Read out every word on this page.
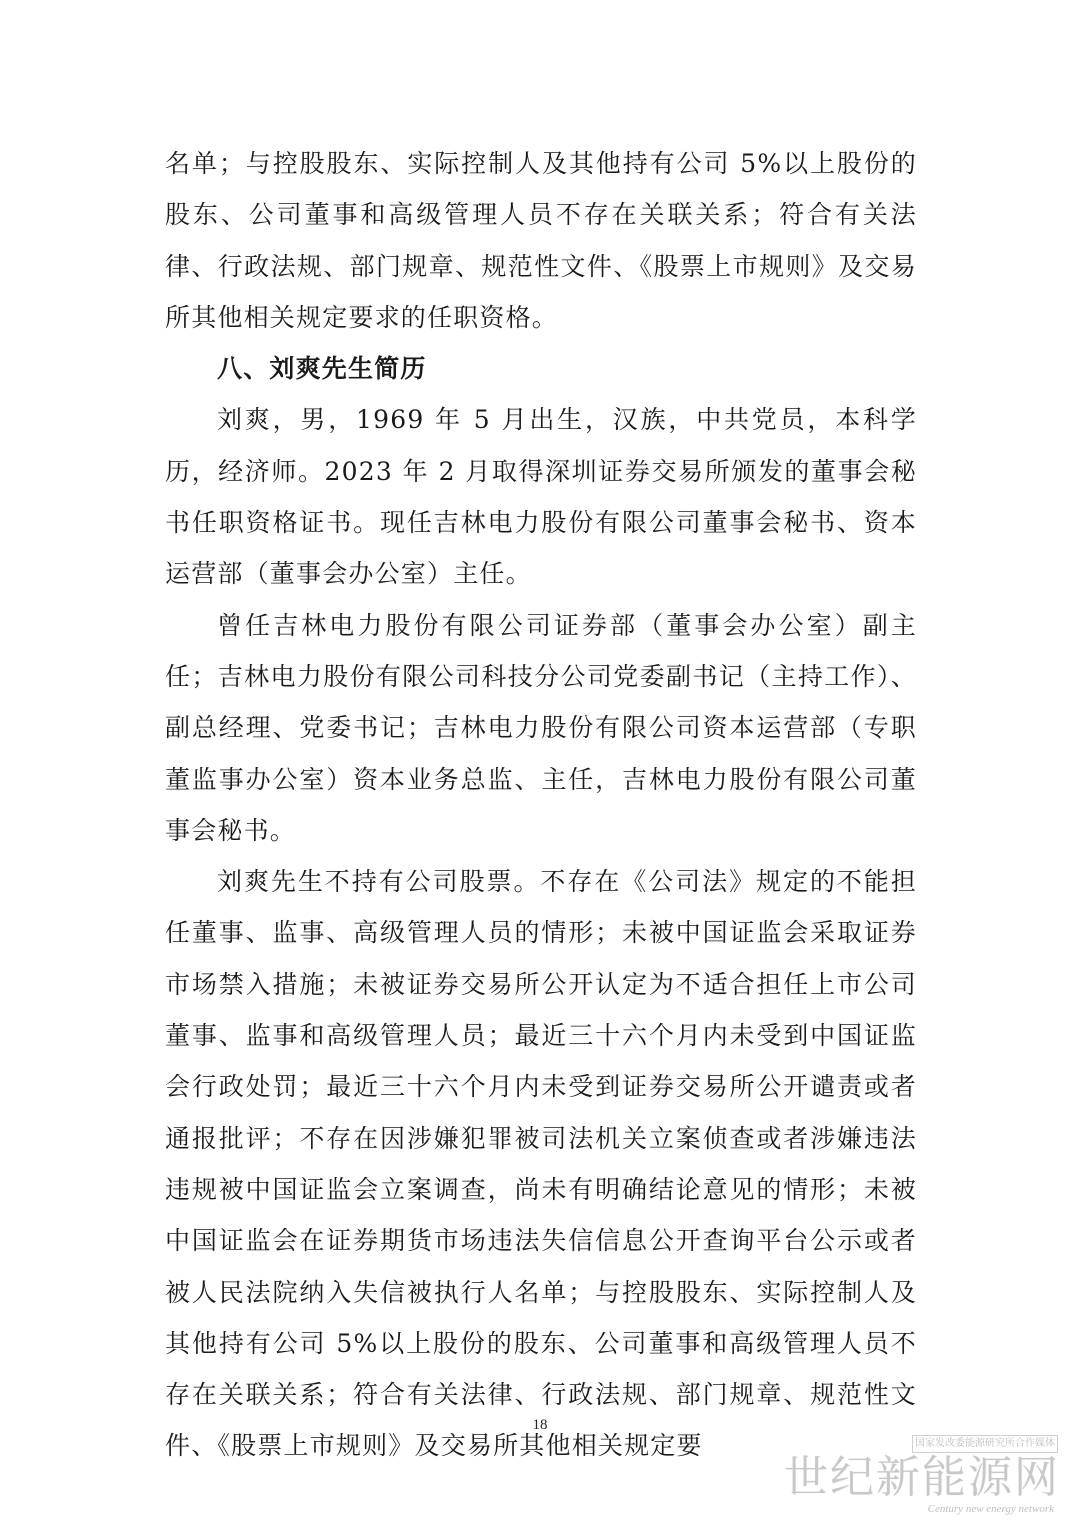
名单；与控股股东、实际控制人及其他持有公司 5%以上股份的股东、公司董事和高级管理人员不存在关联关系；符合有关法律、行政法规、部门规章、规范性文件、《股票上市规则》及交易所其他相关规定要求的任职资格。

八、刘爽先生简历

刘爽，男，1969 年 5 月出生，汉族，中共党员，本科学历，经济师。2023 年 2 月取得深圳证券交易所颁发的董事会秘书任职资格证书。现任吉林电力股份有限公司董事会秘书、资本运营部（董事会办公室）主任。

曾任吉林电力股份有限公司证券部（董事会办公室）副主任；吉林电力股份有限公司科技分公司党委副书记（主持工作）、副总经理、党委书记；吉林电力股份有限公司资本运营部（专职董监事办公室）资本业务总监、主任，吉林电力股份有限公司董事会秘书。

刘爽先生不持有公司股票。不存在《公司法》规定的不能担任董事、监事、高级管理人员的情形；未被中国证监会采取证券市场禁入措施；未被证券交易所公开认定为不适合担任上市公司董事、监事和高级管理人员；最近三十六个月内未受到中国证监会行政处罚；最近三十六个月内未受到证券交易所公开谴责或者通报批评；不存在因涉嫌犯罪被司法机关立案侦查或者涉嫌违法违规被中国证监会立案调查，尚未有明确结论意见的情形；未被中国证监会在证券期货市场违法失信信息公开查询平台公示或者被人民法院纳入失信被执行人名单；与控股股东、实际控制人及其他持有公司 5%以上股份的股东、公司董事和高级管理人员不存在关联关系；符合有关法律、行政法规、部门规章、规范性文件、《股票上市规则》及交易所其他相关规定要

18
国家发改委能源研究所合作媒体
世纪新能源网
Century new energy network
